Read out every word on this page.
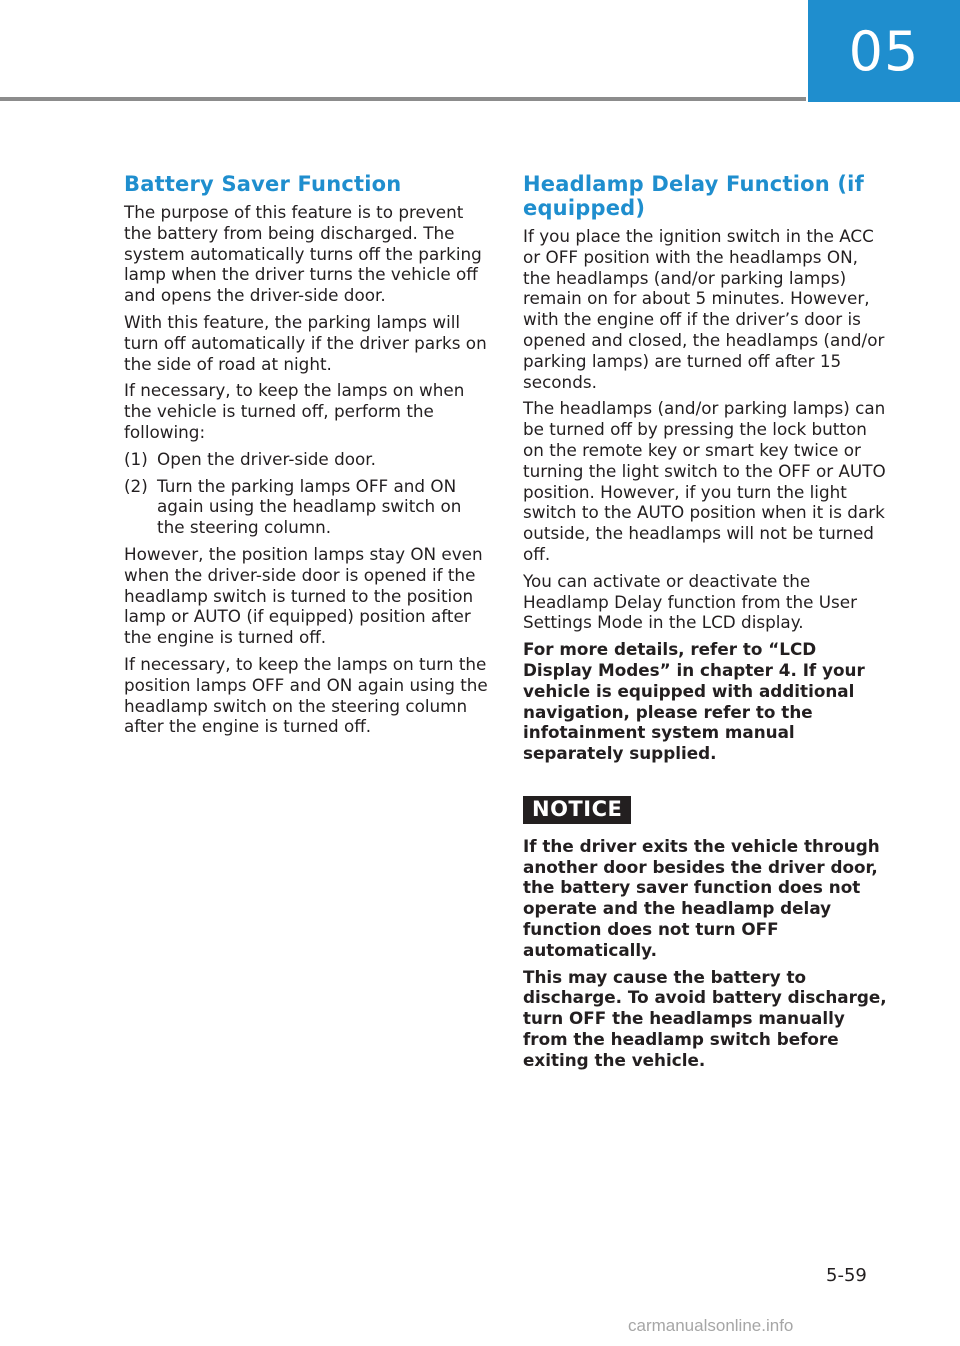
05
Battery Saver Function

The purpose of this feature is to prevent the battery from being discharged. The system automatically turns off the parking lamp when the driver turns the vehicle off and opens the driver-side door.

With this feature, the parking lamps will turn off automatically if the driver parks on the side of road at night.

If necessary, to keep the lamps on when the vehicle is turned off, perform the following:

(1) Open the driver-side door.
(2) Turn the parking lamps OFF and ON again using the headlamp switch on the steering column.

However, the position lamps stay ON even when the driver-side door is opened if the headlamp switch is turned to the position lamp or AUTO (if equipped) position after the engine is turned off.

If necessary, to keep the lamps on turn the position lamps OFF and ON again using the headlamp switch on the steering column after the engine is turned off.

Headlamp Delay Function (if equipped)

If you place the ignition switch in the ACC or OFF position with the headlamps ON, the headlamps (and/or parking lamps) remain on for about 5 minutes. However, with the engine off if the driver’s door is opened and closed, the headlamps (and/or parking lamps) are turned off after 15 seconds.

The headlamps (and/or parking lamps) can be turned off by pressing the lock button on the remote key or smart key twice or turning the light switch to the OFF or AUTO position. However, if you turn the light switch to the AUTO position when it is dark outside, the headlamps will not be turned off.

You can activate or deactivate the Headlamp Delay function from the User Settings Mode in the LCD display.

For more details, refer to “LCD Display Modes” in chapter 4. If your vehicle is equipped with additional navigation, please refer to the infotainment system manual separately supplied.

NOTICE

If the driver exits the vehicle through another door besides the driver door, the battery saver function does not operate and the headlamp delay function does not turn OFF automatically.

This may cause the battery to discharge. To avoid battery discharge, turn OFF the headlamps manually from the headlamp switch before exiting the vehicle.

5-59
carmanualsonline.info
